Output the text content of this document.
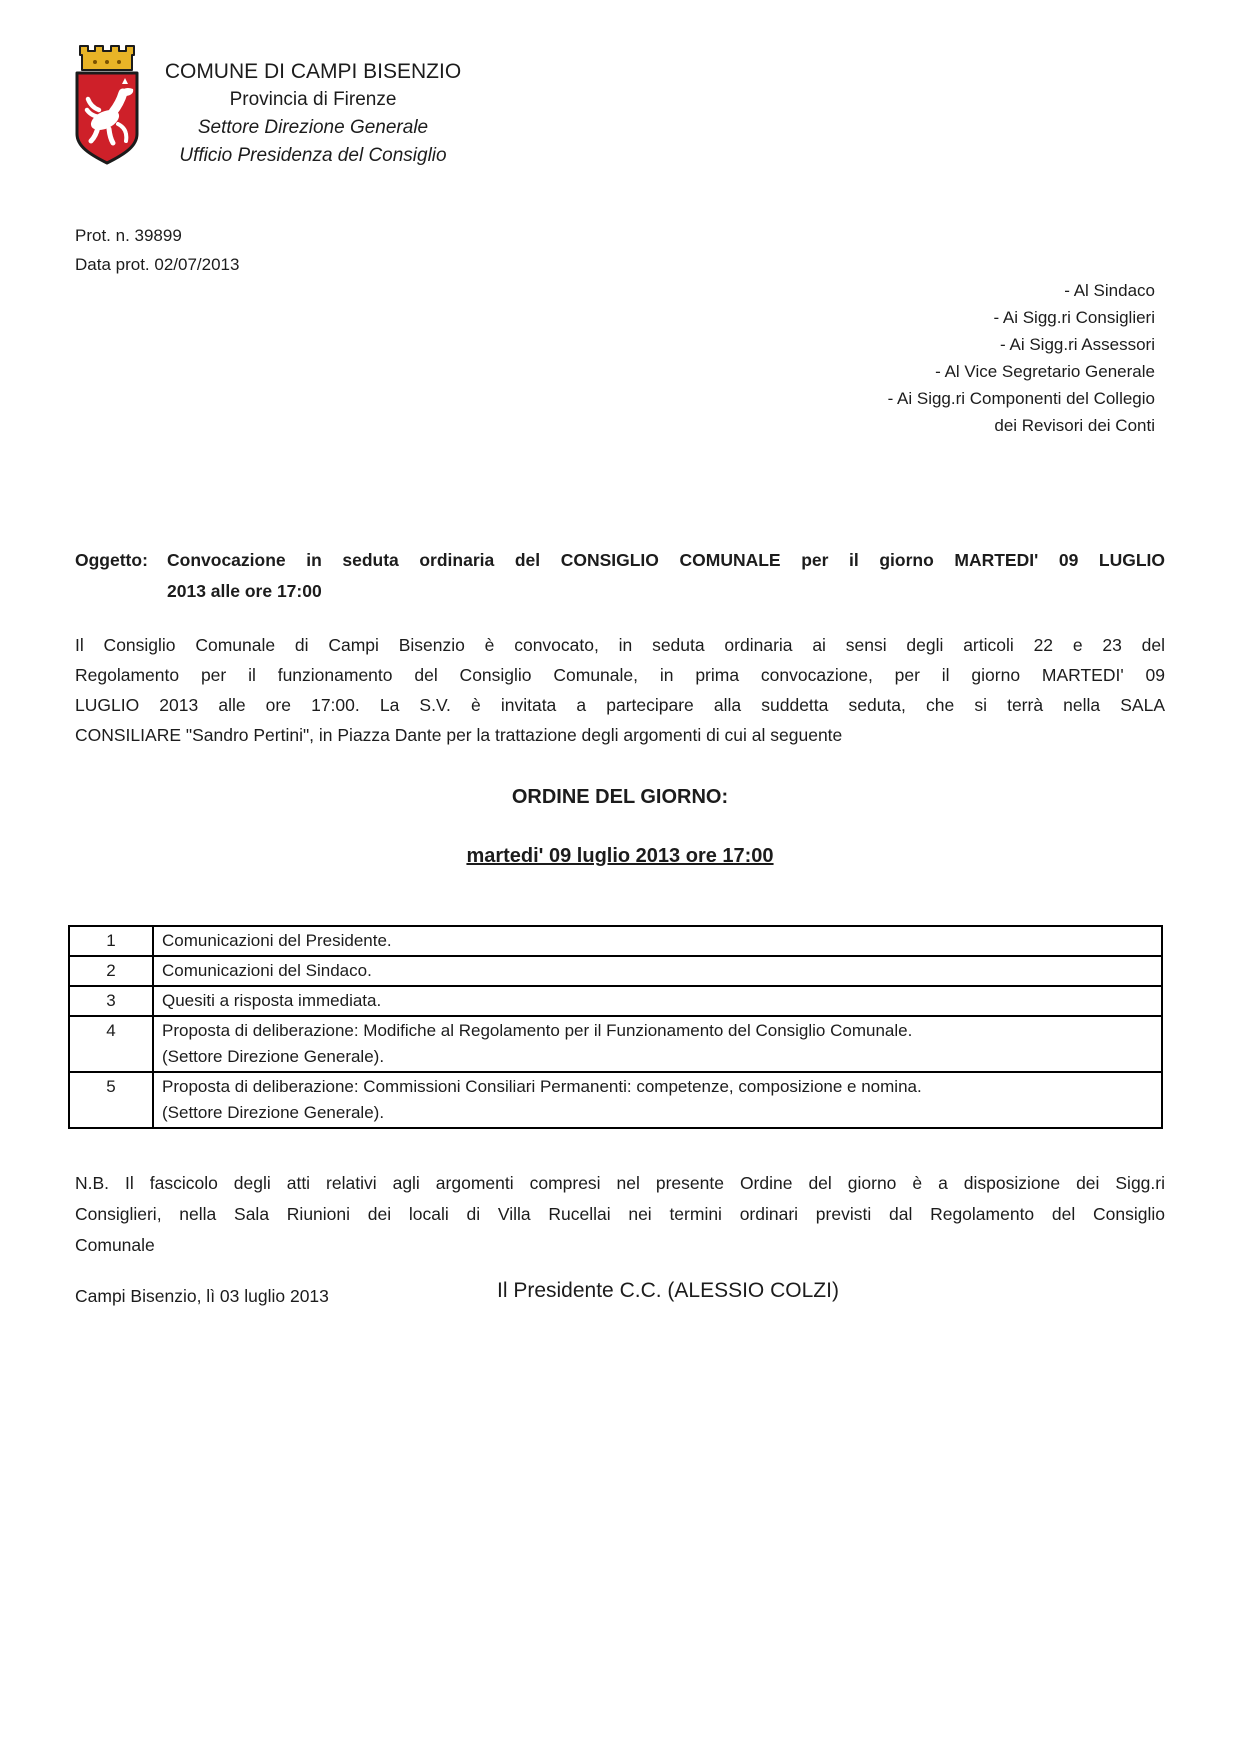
COMUNE DI CAMPI BISENZIO
Provincia di Firenze
Settore Direzione Generale
Ufficio Presidenza del Consiglio
Prot. n. 39899
Data prot. 02/07/2013
- Al Sindaco
- Ai Sigg.ri Consiglieri
- Ai Sigg.ri Assessori
- Al Vice Segretario Generale
- Ai Sigg.ri Componenti del Collegio
dei Revisori dei Conti
Oggetto: Convocazione in seduta ordinaria del CONSIGLIO COMUNALE per il giorno MARTEDI' 09 LUGLIO
2013 alle ore 17:00
Il Consiglio Comunale di Campi Bisenzio è convocato, in seduta ordinaria ai sensi degli articoli 22 e 23 del
Regolamento per il funzionamento del Consiglio Comunale, in prima convocazione, per il giorno MARTEDI' 09
LUGLIO 2013 alle ore 17:00. La S.V. è invitata a partecipare alla suddetta seduta, che si terrà nella SALA
CONSILIARE "Sandro Pertini", in Piazza Dante per la trattazione degli argomenti di cui al seguente
ORDINE DEL GIORNO:
martedi' 09 luglio 2013 ore 17:00
1	Comunicazioni del Presidente.

2	Comunicazioni del Sindaco.

3	Quesiti a risposta immediata.

4	Proposta di deliberazione: Modifiche al Regolamento per il Funzionamento del Consiglio Comunale.
(Settore Direzione Generale).

5	Proposta di deliberazione: Commissioni Consiliari Permanenti: competenze, composizione e nomina.
(Settore Direzione Generale).
N.B. Il fascicolo degli atti relativi agli argomenti compresi nel presente Ordine del giorno è a disposizione dei Sigg.ri
Consiglieri, nella Sala Riunioni dei locali di Villa Rucellai nei termini ordinari previsti dal Regolamento del Consiglio
Comunale
Campi Bisenzio, lì 03 luglio 2013	Il Presidente C.C. (ALESSIO COLZI)
